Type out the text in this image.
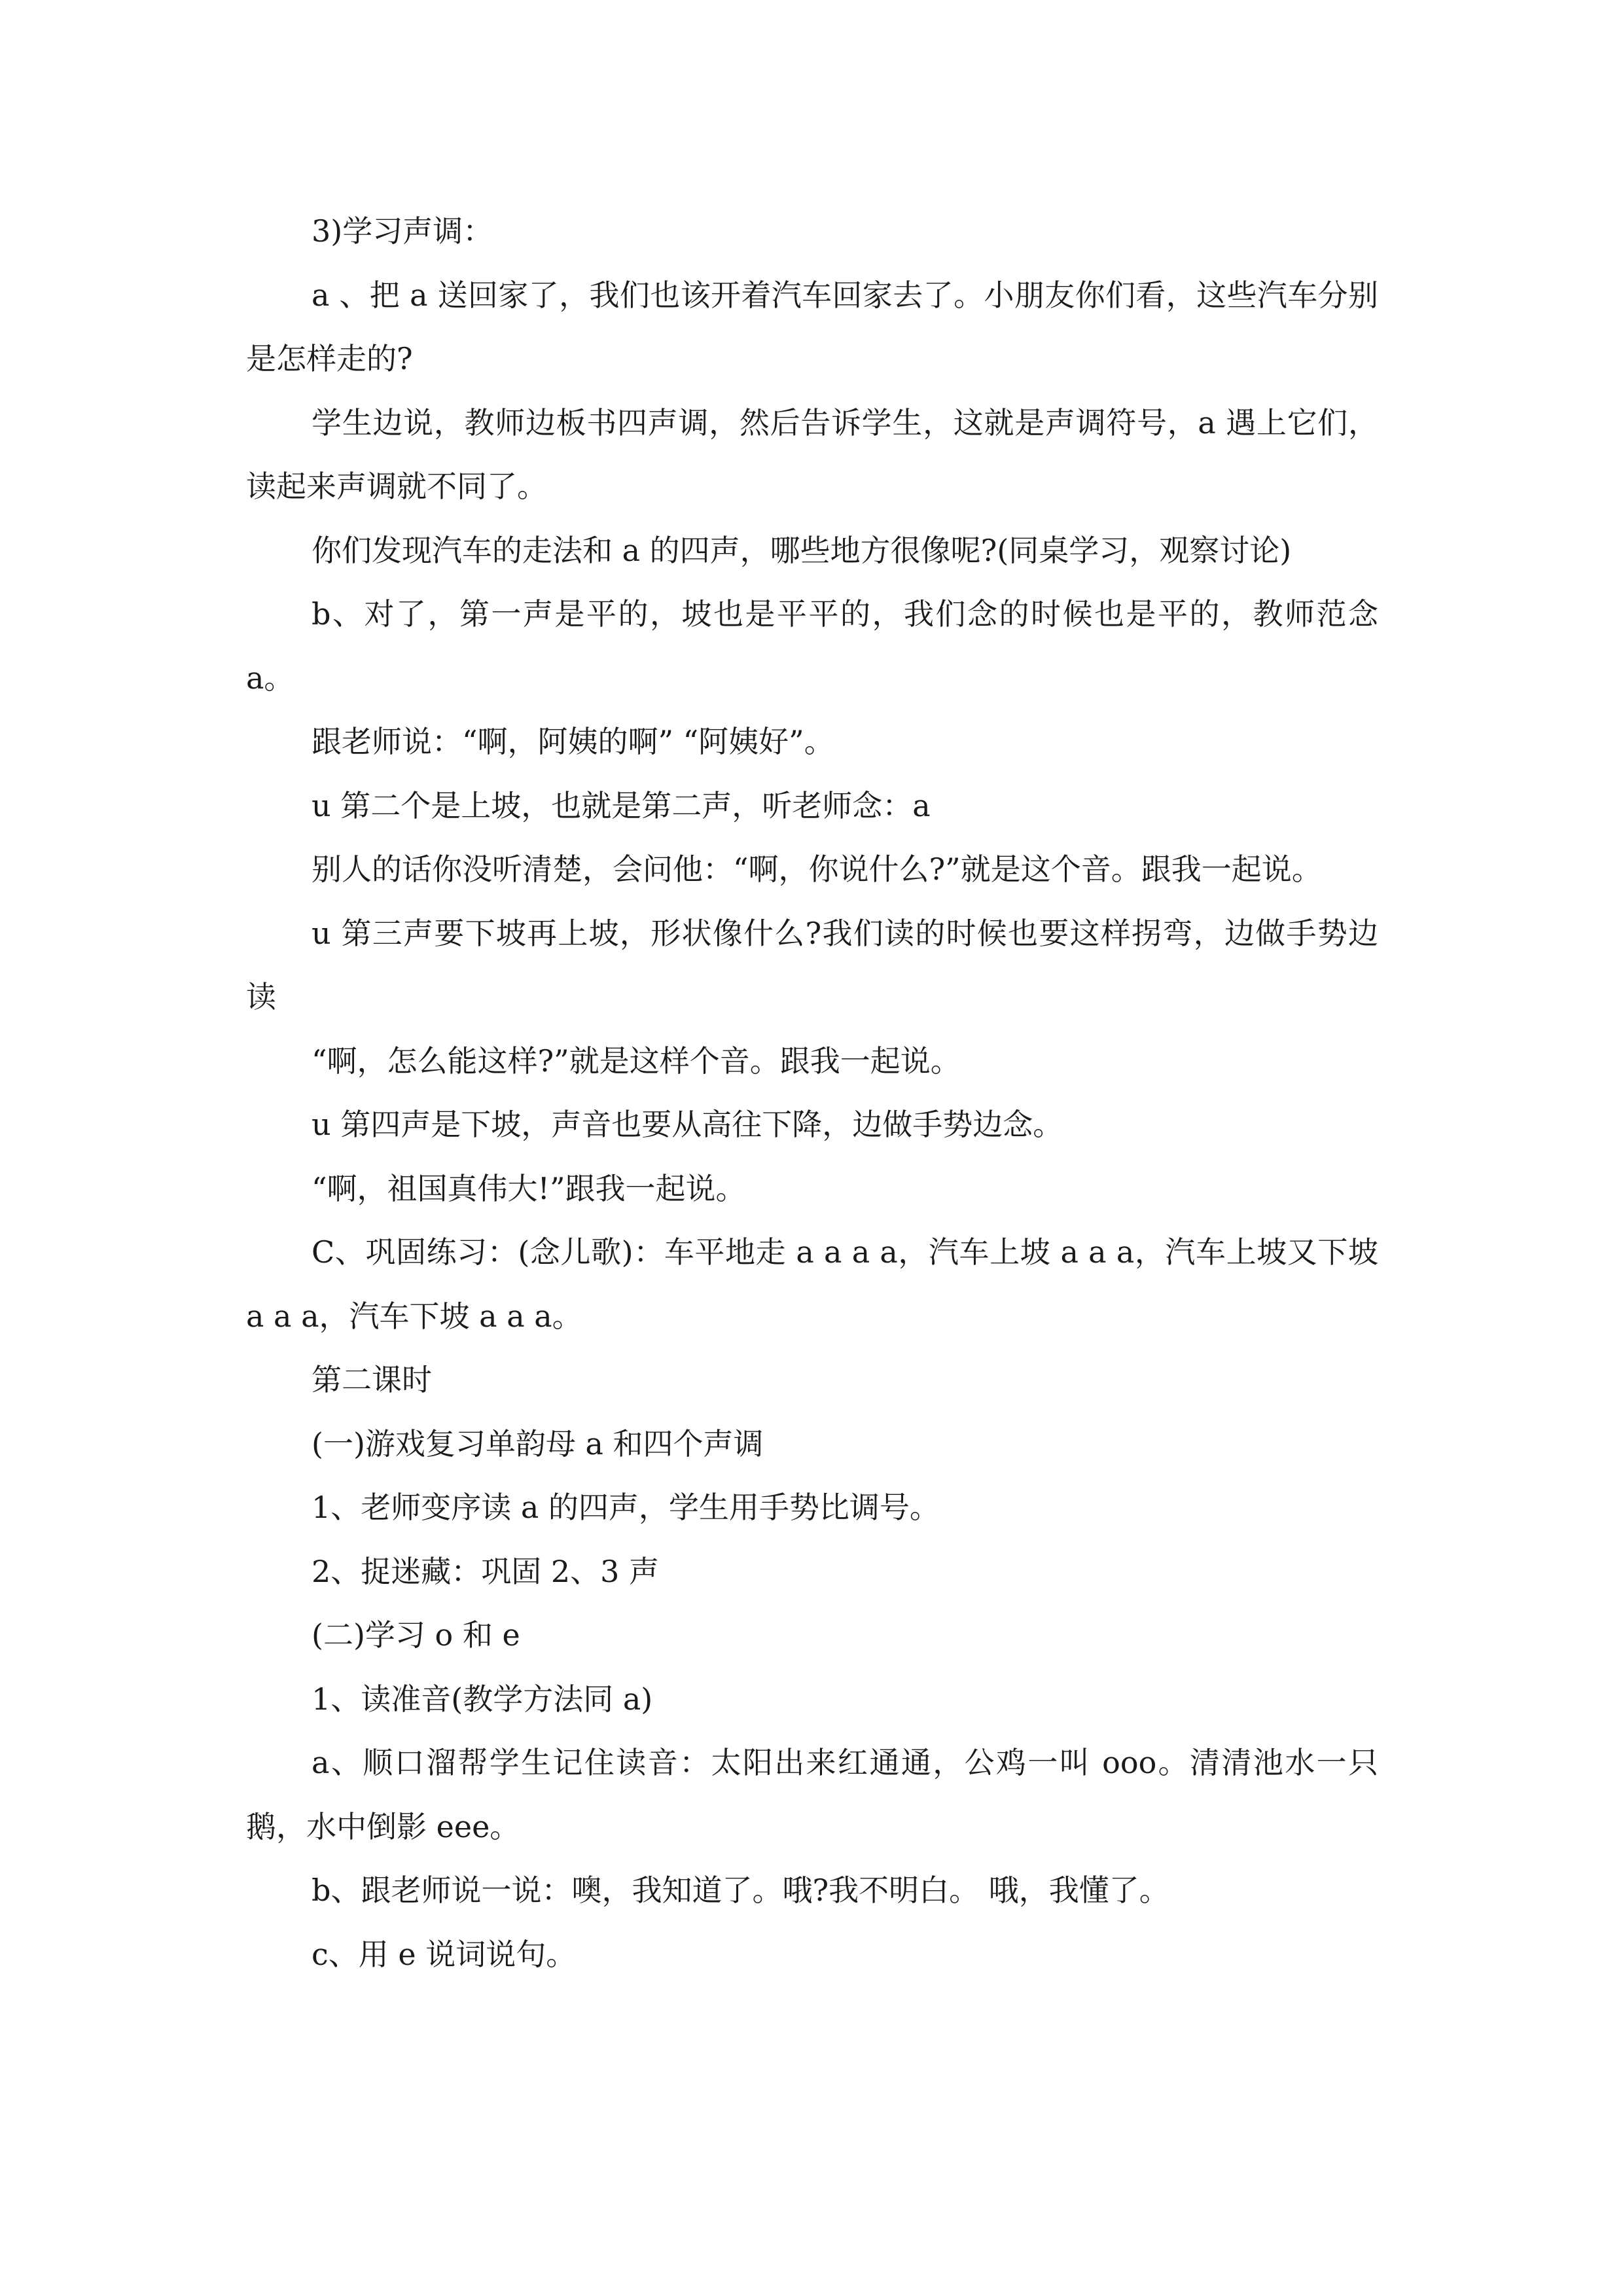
3)学习声调：

a 、把 a 送回家了，我们也该开着汽车回家去了。小朋友你们看，这些汽车分别是怎样走的?

学生边说，教师边板书四声调，然后告诉学生，这就是声调符号，a 遇上它们，读起来声调就不同了。

你们发现汽车的走法和 a 的四声，哪些地方很像呢?(同桌学习，观察讨论)

b、对了，第一声是平的，坡也是平平的，我们念的时候也是平的，教师范念 a。

跟老师说：“啊，阿姨的啊” “阿姨好”。

u 第二个是上坡，也就是第二声，听老师念：a

别人的话你没听清楚，会问他：“啊，你说什么?”就是这个音。跟我一起说。

u 第三声要下坡再上坡，形状像什么?我们读的时候也要这样拐弯，边做手势边读

“啊，怎么能这样?”就是这样个音。跟我一起说。

u 第四声是下坡，声音也要从高往下降，边做手势边念。

“啊，祖国真伟大!”跟我一起说。

C、巩固练习：(念儿歌)：车平地走 a a a a，汽车上坡 a a a，汽车上坡又下坡 a a a，汽车下坡 a a a。

第二课时

(一)游戏复习单韵母 a 和四个声调

1、老师变序读 a 的四声，学生用手势比调号。

2、捉迷藏：巩固 2、3 声

(二)学习 o 和 e

1、读准音(教学方法同 a)

a、顺口溜帮学生记住读音：太阳出来红通通，公鸡一叫 ooo。清清池水一只鹅，水中倒影 eee。

b、跟老师说一说：噢，我知道了。哦?我不明白。 哦，我懂了。

c、用 e 说词说句。
